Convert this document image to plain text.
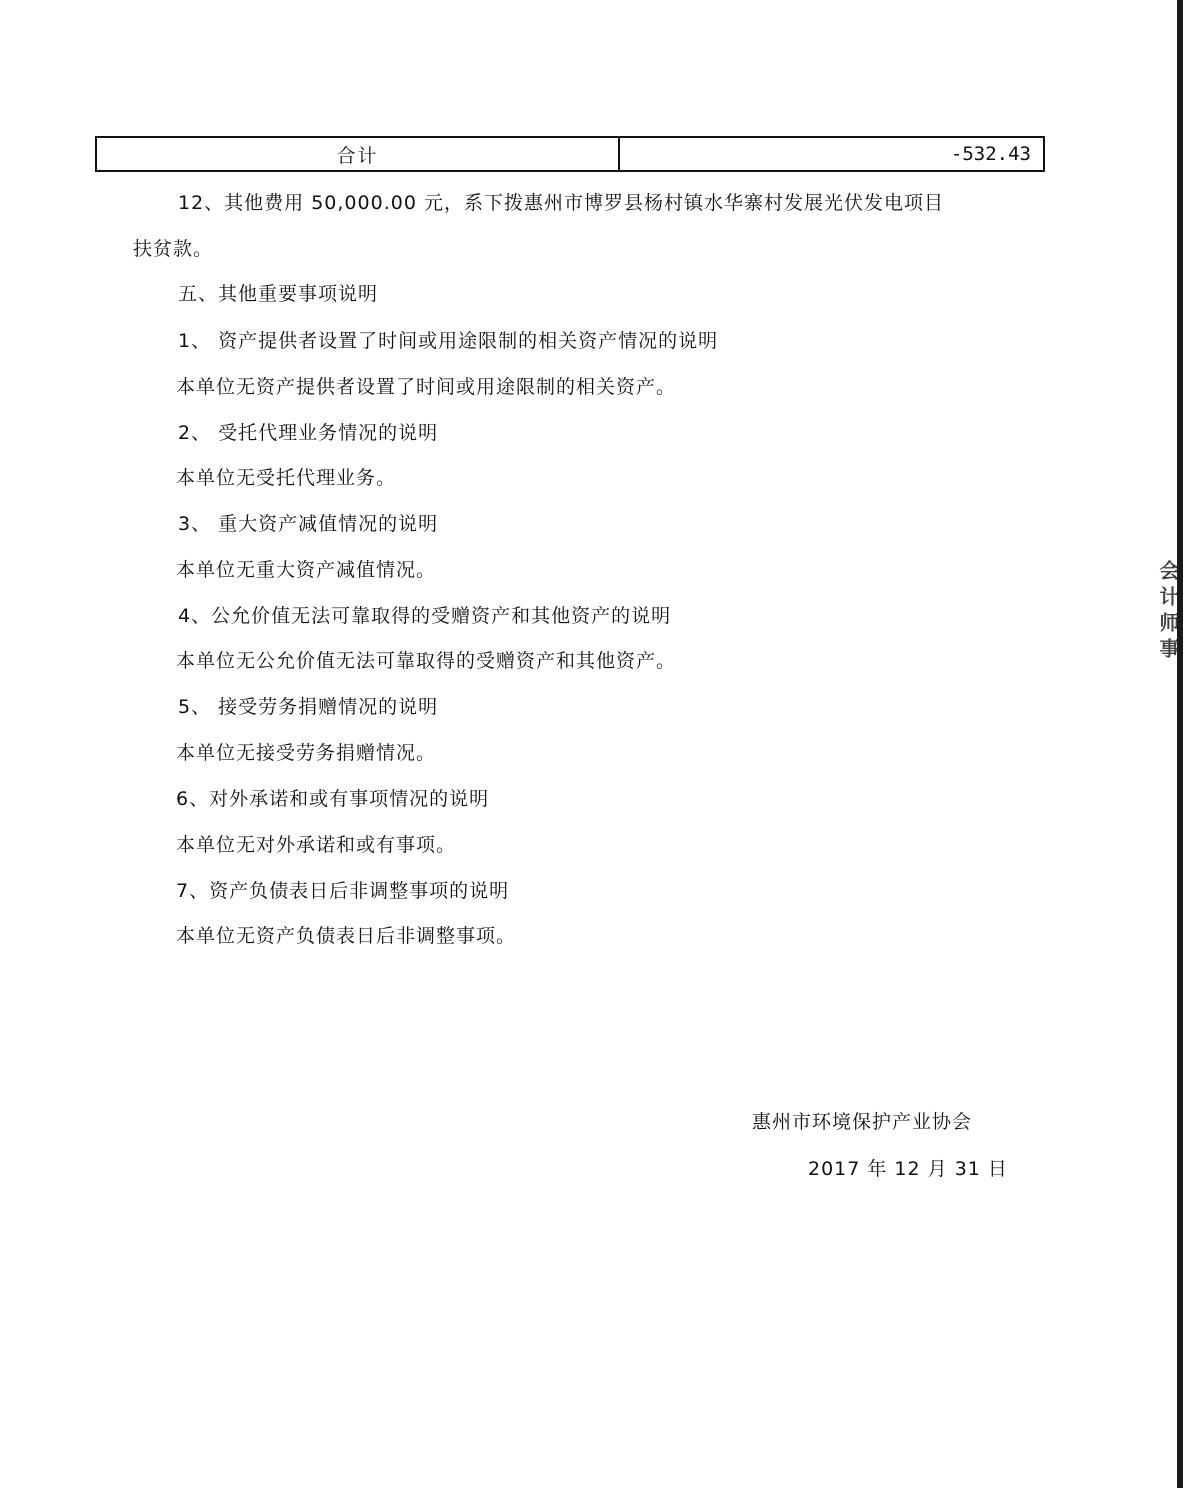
合计	-532.43
12、其他费用 50,000.00 元，系下拨惠州市博罗县杨村镇水华寨村发展光伏发电项目
扶贫款。
五、其他重要事项说明
1、 资产提供者设置了时间或用途限制的相关资产情况的说明
本单位无资产提供者设置了时间或用途限制的相关资产。
2、 受托代理业务情况的说明
本单位无受托代理业务。
3、 重大资产减值情况的说明
本单位无重大资产减值情况。
4、公允价值无法可靠取得的受赠资产和其他资产的说明
本单位无公允价值无法可靠取得的受赠资产和其他资产。
5、 接受劳务捐赠情况的说明
本单位无接受劳务捐赠情况。
6、对外承诺和或有事项情况的说明
本单位无对外承诺和或有事项。
7、资产负债表日后非调整事项的说明
本单位无资产负债表日后非调整事项。
惠州市环境保护产业协会
2017 年 12 月 31 日
会计师事
